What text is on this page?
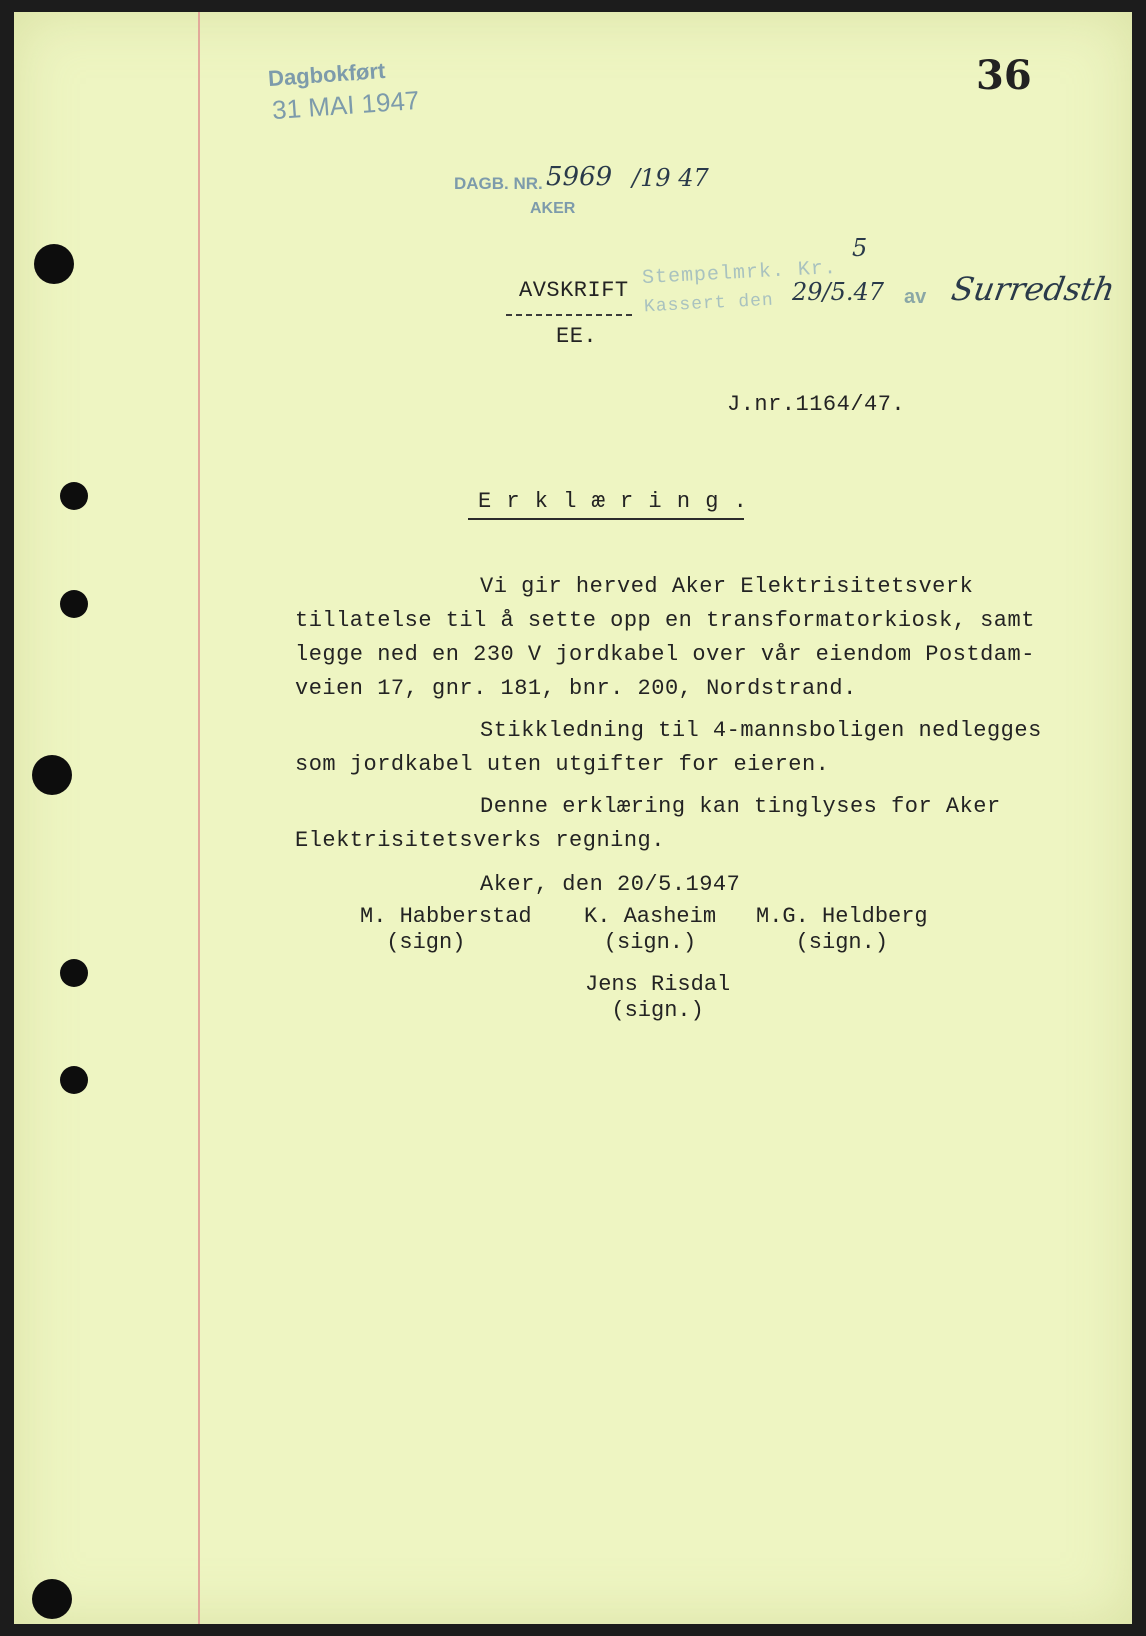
36
Dagbokført
31 MAI 1947
DAGB. NR. 5969 /19 47
AKER
Stempelmrk. Kr.
5
Kassert den 29/5.47 av Surredsth
AVSKRIFT
EE.
J.nr.1164/47.
E r k l æ r i n g .
Vi gir herved Aker Elektrisitetsverk
tillatelse til å sette opp en transformatorkiosk, samt
legge ned en 230 V jordkabel over vår eiendom Postdam-
veien 17, gnr. 181, bnr. 200, Nordstrand.
Stikkledning til 4-mannsboligen nedlegges
som jordkabel uten utgifter for eieren.
Denne erklæring kan tinglyses for Aker
Elektrisitetsverks regning.
Aker, den 20/5.1947
M. Habberstad
(sign)
K. Aasheim
(sign.)
M.G. Heldberg
(sign.)
Jens Risdal
(sign.)
